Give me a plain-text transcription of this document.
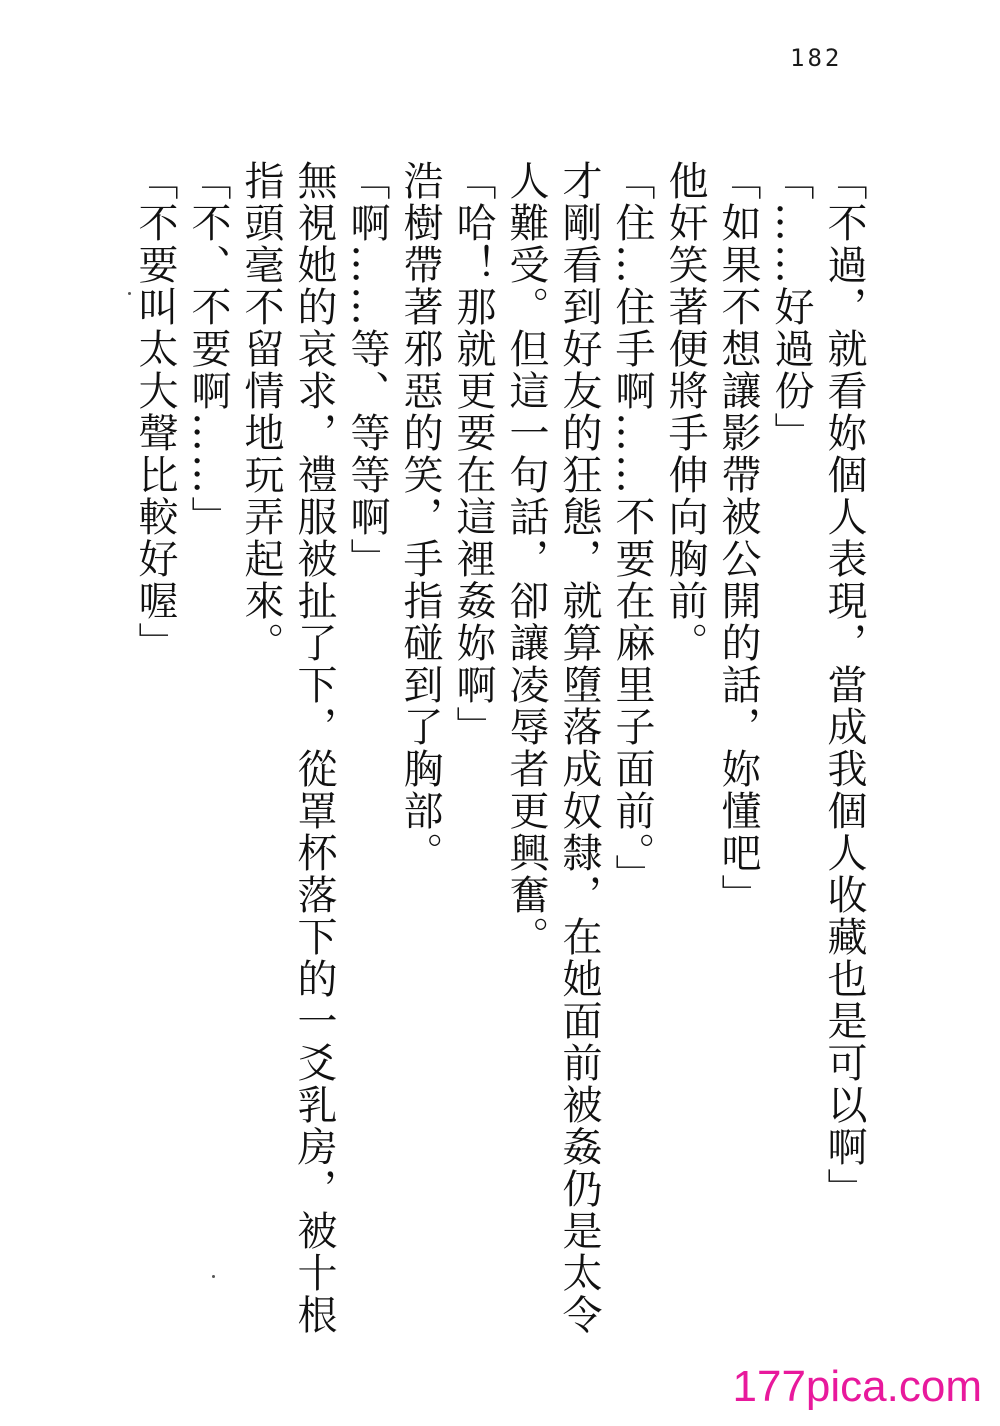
182
「不過，就看妳個人表現，當成我個人收藏也是可以啊」
「……好過份」
「如果不想讓影帶被公開的話，妳懂吧」
他奸笑著便將手伸向胸前。
「住…住手啊……不要在麻里子面前。」
才剛看到好友的狂態，就算墮落成奴隸，在她面前被姦仍是太令
人難受。但這一句話，卻讓凌辱者更興奮。
「哈！那就更要在這裡姦妳啊」
浩樹帶著邪惡的笑，手指碰到了胸部。
「啊……等、等等啊」
無視她的哀求，禮服被扯了下，從罩杯落下的一爻乳房，被十根
指頭毫不留情地玩弄起來。
「不、不要啊……」
「不要叫太大聲比較好喔」
177pica.com
